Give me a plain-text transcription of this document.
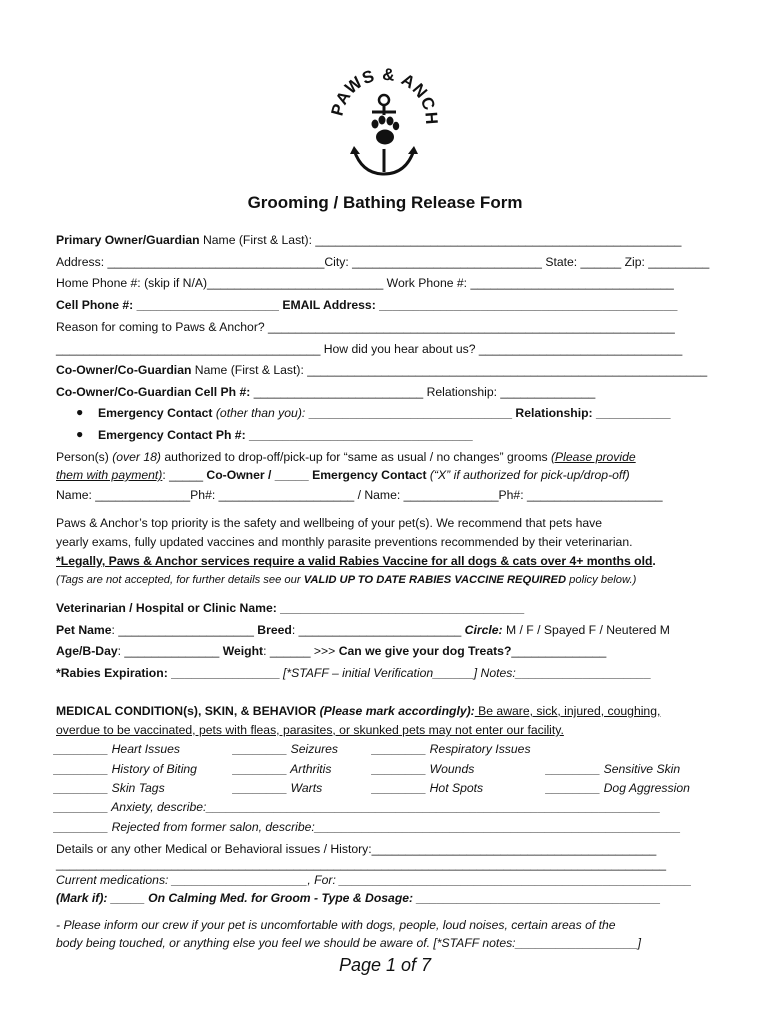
PAWS & ANCH
Grooming / Bathing Release Form
Primary Owner/Guardian Name (First & Last): ______________________________________________________
Address: ________________________________City: ____________________________ State: ______ Zip: _________
Home Phone #: (skip if N/A)__________________________ Work Phone #: ______________________________
Cell Phone #: _____________________ EMAIL Address: ____________________________________________
Reason for coming to Paws & Anchor? ____________________________________________________________
_______________________________________ How did you hear about us? ______________________________
Co-Owner/Co-Guardian Name (First & Last): ___________________________________________________________
Co-Owner/Co-Guardian Cell Ph #: _________________________ Relationship: ______________
● Emergency Contact (other than you): ______________________________ Relationship: ___________
● Emergency Contact Ph #: _________________________________
Person(s) (over 18) authorized to drop-off/pick-up for “same as usual / no changes” grooms (Please provide
them with payment): _____ Co-Owner / _____ Emergency Contact (“X” if authorized for pick-up/drop-off)
Name: ______________Ph#: ____________________ / Name: ______________Ph#: ____________________
Paws & Anchor’s top priority is the safety and wellbeing of your pet(s). We recommend that pets have
yearly exams, fully updated vaccines and monthly parasite preventions recommended by their veterinarian.
*Legally, Paws & Anchor services require a valid Rabies Vaccine for all dogs & cats over 4+ months old.
(Tags are not accepted, for further details see our VALID UP TO DATE RABIES VACCINE REQUIRED policy below.)
Veterinarian / Hospital or Clinic Name: ____________________________________
Pet Name: ____________________ Breed: ________________________ Circle: M / F / Spayed F / Neutered M
Age/B-Day: ______________ Weight: ______ >>> Can we give your dog Treats?______________
*Rabies Expiration: ________________ [*STAFF – initial Verification______] Notes:____________________
MEDICAL CONDITION(s), SKIN, & BEHAVIOR (Please mark accordingly): Be aware, sick, injured, coughing,
overdue to be vaccinated, pets with fleas, parasites, or skunked pets may not enter our facility.
________ Heart Issues
________ History of Biting
________ Skin Tags
________ Seizures
________ Arthritis
________ Warts
________ Respiratory Issues
________ Wounds
________ Hot Spots
________ Sensitive Skin
________ Dog Aggression
________ Anxiety, describe:___________________________________________________________________
________ Rejected from former salon, describe:______________________________________________________
Details or any other Medical or Behavioral issues / History:__________________________________________
__________________________________________________________________________________________
Current medications: ____________________, For: ____________________________________________________
(Mark if): _____ On Calming Med. for Groom - Type & Dosage: ____________________________________
- Please inform our crew if your pet is uncomfortable with dogs, people, loud noises, certain areas of the
body being touched, or anything else you feel we should be aware of. [*STAFF notes:__________________]
Page 1 of 7
